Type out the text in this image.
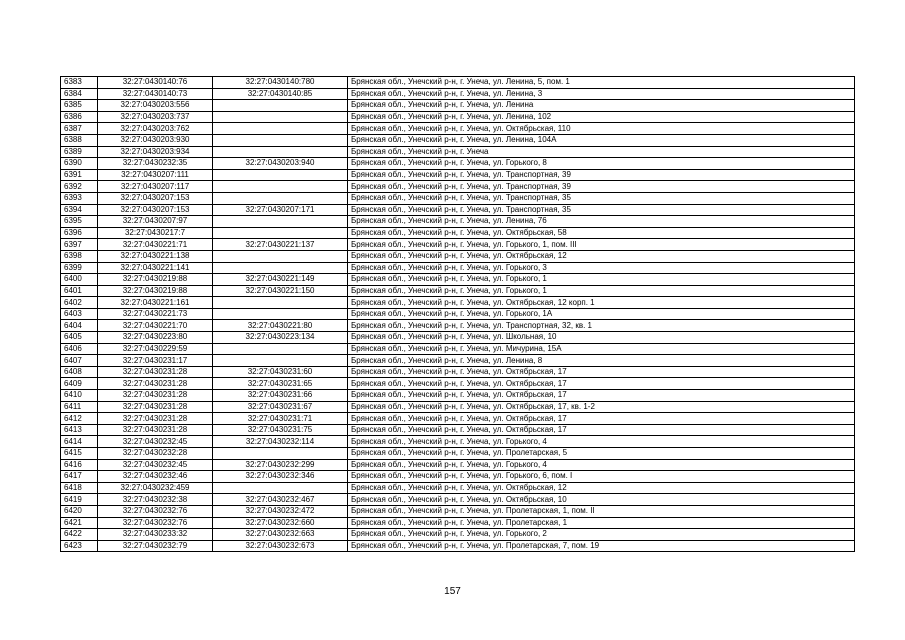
6383	32:27:0430140:76	32:27:0430140:780	Брянская обл., Унечский р-н, г. Унеча, ул. Ленина, 5, пом. 1
6384	32:27:0430140:73	32:27:0430140:85	Брянская обл., Унечский р-н, г. Унеча, ул. Ленина, 3
6385	32:27:0430203:556		Брянская обл., Унечский р-н, г. Унеча, ул. Ленина
6386	32:27:0430203:737		Брянская обл., Унечский р-н, г. Унеча, ул. Ленина, 102
6387	32:27:0430203:762		Брянская обл., Унечский р-н, г. Унеча, ул. Октябрьская, 110
6388	32:27:0430203:930		Брянская обл., Унечский р-н, г. Унеча, ул. Ленина, 104А
6389	32:27:0430203:934		Брянская обл., Унечский р-н, г. Унеча
6390	32:27:0430232:35	32:27:0430203:940	Брянская обл., Унечский р-н, г. Унеча, ул. Горького, 8
6391	32:27:0430207:111		Брянская обл., Унечский р-н, г. Унеча, ул. Транспортная, 39
6392	32:27:0430207:117		Брянская обл., Унечский р-н, г. Унеча, ул. Транспортная, 39
6393	32:27:0430207:153		Брянская обл., Унечский р-н, г. Унеча, ул. Транспортная, 35
6394	32:27:0430207:153	32:27:0430207:171	Брянская обл., Унечский р-н, г. Унеча, ул. Транспортная, 35
6395	32:27:0430207:97		Брянская обл., Унечский р-н, г. Унеча, ул. Ленина, 76
6396	32:27:0430217:7		Брянская обл., Унечский р-н, г. Унеча, ул. Октябрьская, 58
6397	32:27:0430221:71	32:27:0430221:137	Брянская обл., Унечский р-н, г. Унеча, ул. Горького, 1, пом. III
6398	32:27:0430221:138		Брянская обл., Унечский р-н, г. Унеча, ул. Октябрьская, 12
6399	32:27:0430221:141		Брянская обл., Унечский р-н, г. Унеча, ул. Горького, 3
6400	32:27:0430219:88	32:27:0430221:149	Брянская обл., Унечский р-н, г. Унеча, ул. Горького, 1
6401	32:27:0430219:88	32:27:0430221:150	Брянская обл., Унечский р-н, г. Унеча, ул. Горького, 1
6402	32:27:0430221:161		Брянская обл., Унечский р-н, г. Унеча, ул. Октябрьская, 12 корп. 1
6403	32:27:0430221:73		Брянская обл., Унечский р-н, г. Унеча, ул. Горького, 1А
6404	32:27:0430221:70	32:27:0430221:80	Брянская обл., Унечский р-н, г. Унеча, ул. Транспортная, 32, кв. 1
6405	32:27:0430223:80	32:27:0430223:134	Брянская обл., Унечский р-н, г. Унеча, ул. Школьная, 10
6406	32:27:0430229:59		Брянская обл., Унечский р-н, г. Унеча, ул. Мичурина, 15А
6407	32:27:0430231:17		Брянская обл., Унечский р-н, г. Унеча, ул. Ленина, 8
6408	32:27:0430231:28	32:27:0430231:60	Брянская обл., Унечский р-н, г. Унеча, ул. Октябрьская, 17
6409	32:27:0430231:28	32:27:0430231:65	Брянская обл., Унечский р-н, г. Унеча, ул. Октябрьская, 17
6410	32:27:0430231:28	32:27:0430231:66	Брянская обл., Унечский р-н, г. Унеча, ул. Октябрьская, 17
6411	32:27:0430231:28	32:27:0430231:67	Брянская обл., Унечский р-н, г. Унеча, ул. Октябрьская, 17, кв. 1-2
6412	32:27:0430231:28	32:27:0430231:71	Брянская обл., Унечский р-н, г. Унеча, ул. Октябрьская, 17
6413	32:27:0430231:28	32:27:0430231:75	Брянская обл., Унечский р-н, г. Унеча, ул. Октябрьская, 17
6414	32:27:0430232:45	32:27:0430232:114	Брянская обл., Унечский р-н, г. Унеча, ул. Горького, 4
6415	32:27:0430232:28		Брянская обл., Унечский р-н, г. Унеча, ул. Пролетарская, 5
6416	32:27:0430232:45	32:27:0430232:299	Брянская обл., Унечский р-н, г. Унеча, ул. Горького, 4
6417	32:27:0430232:46	32:27:0430232:346	Брянская обл., Унечский р-н, г. Унеча, ул. Горького, 6, пом. I
6418	32:27:0430232:459		Брянская обл., Унечский р-н, г. Унеча, ул. Октябрьская, 12
6419	32:27:0430232:38	32:27:0430232:467	Брянская обл., Унечский р-н, г. Унеча, ул. Октябрьская, 10
6420	32:27:0430232:76	32:27:0430232:472	Брянская обл., Унечский р-н, г. Унеча, ул. Пролетарская, 1, пом. II
6421	32:27:0430232:76	32:27:0430232:660	Брянская обл., Унечский р-н, г. Унеча, ул. Пролетарская, 1
6422	32:27:0430233:32	32:27:0430232:663	Брянская обл., Унечский р-н, г. Унеча, ул. Горького, 2
6423	32:27:0430232:79	32:27:0430232:673	Брянская обл., Унечский р-н, г. Унеча, ул. Пролетарская, 7, пом. 19
157
